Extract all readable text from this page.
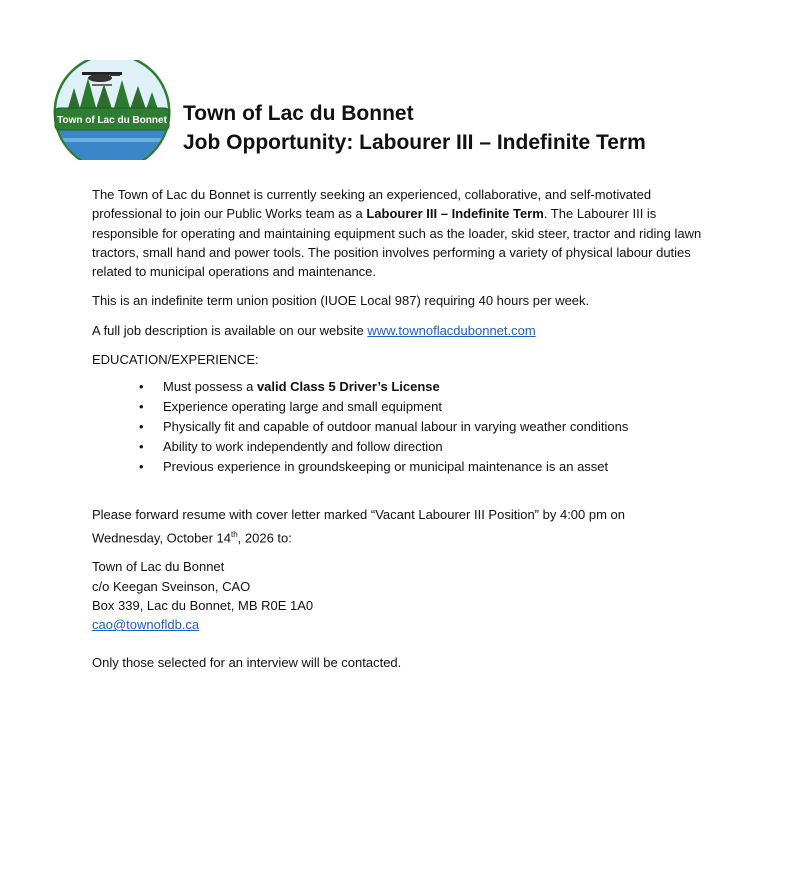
Town of Lac du Bonnet Town of Lac du Bonnet
Job Opportunity: Labourer III – Indefinite Term

The Town of Lac du Bonnet is currently seeking an experienced, collaborative, and self-motivated professional to join our Public Works team as a Labourer III – Indefinite Term. The Labourer III is responsible for operating and maintaining equipment such as the loader, skid steer, tractor and riding lawn tractors, small hand and power tools. The position involves performing a variety of physical labour duties related to municipal operations and maintenance.

This is an indefinite term union position (IUOE Local 987) requiring 40 hours per week.

A full job description is available on our website www.townoflacdubonnet.com

EDUCATION/EXPERIENCE:

• Must possess a valid Class 5 Driver’s License
• Experience operating large and small equipment
• Physically fit and capable of outdoor manual labour in varying weather conditions
• Ability to work independently and follow direction
• Previous experience in groundskeeping or municipal maintenance is an asset

Please forward resume with cover letter marked “Vacant Labourer III Position” by 4:00 pm on
Wednesday, October 14th, 2026 to:

Town of Lac du Bonnet
c/o Keegan Sveinson, CAO
Box 339, Lac du Bonnet, MB R0E 1A0
cao@townofldb.ca

Only those selected for an interview will be contacted.
